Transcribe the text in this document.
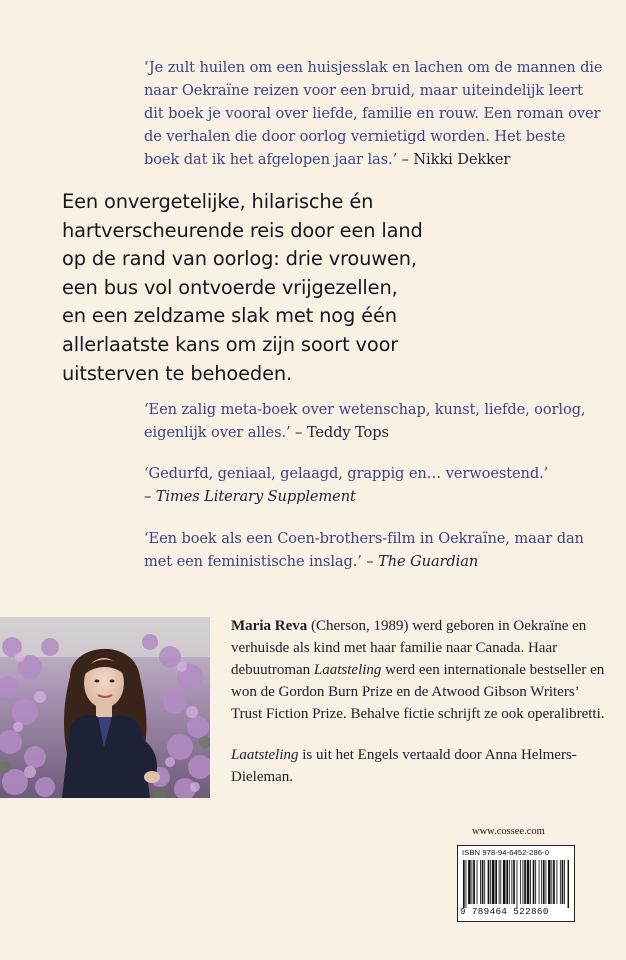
‘Je zult huilen om een huisjesslak en lachen om de mannen die naar Oekraïne reizen voor een bruid, maar uiteindelijk leert dit boek je vooral over liefde, familie en rouw. Een roman over de verhalen die door oorlog vernietigd worden. Het beste boek dat ik het afgelopen jaar las.’ – Nikki Dekker
Een onvergetelijke, hilarische én
hartverscheurende reis door een land
op de rand van oorlog: drie vrouwen,
een bus vol ontvoerde vrijgezellen,
en een zeldzame slak met nog één
allerlaatste kans om zijn soort voor
uitsterven te behoeden.
‘Een zalig meta-boek over wetenschap, kunst, liefde, oorlog, eigenlijk over alles.’ – Teddy Tops
‘Gedurfd, geniaal, gelaagd, grappig en… verwoestend.’
– Times Literary Supplement
‘Een boek als een Coen-brothers-film in Oekraïne, maar dan met een feministische inslag.’ – The Guardian

Maria Reva (Cherson, 1989) werd geboren in Oekraïne en verhuisde als kind met haar familie naar Canada. Haar debuutroman Laatsteling werd een internationale bestseller en won de Gordon Burn Prize en de Atwood Gibson Writers’ Trust Fiction Prize. Behalve fictie schrijft ze ook operalibretti.

Laatsteling is uit het Engels vertaald door Anna Helmers-Dieleman.

www.cossee.com
ISBN 978-94-6452-286-0
9 789464 522860
